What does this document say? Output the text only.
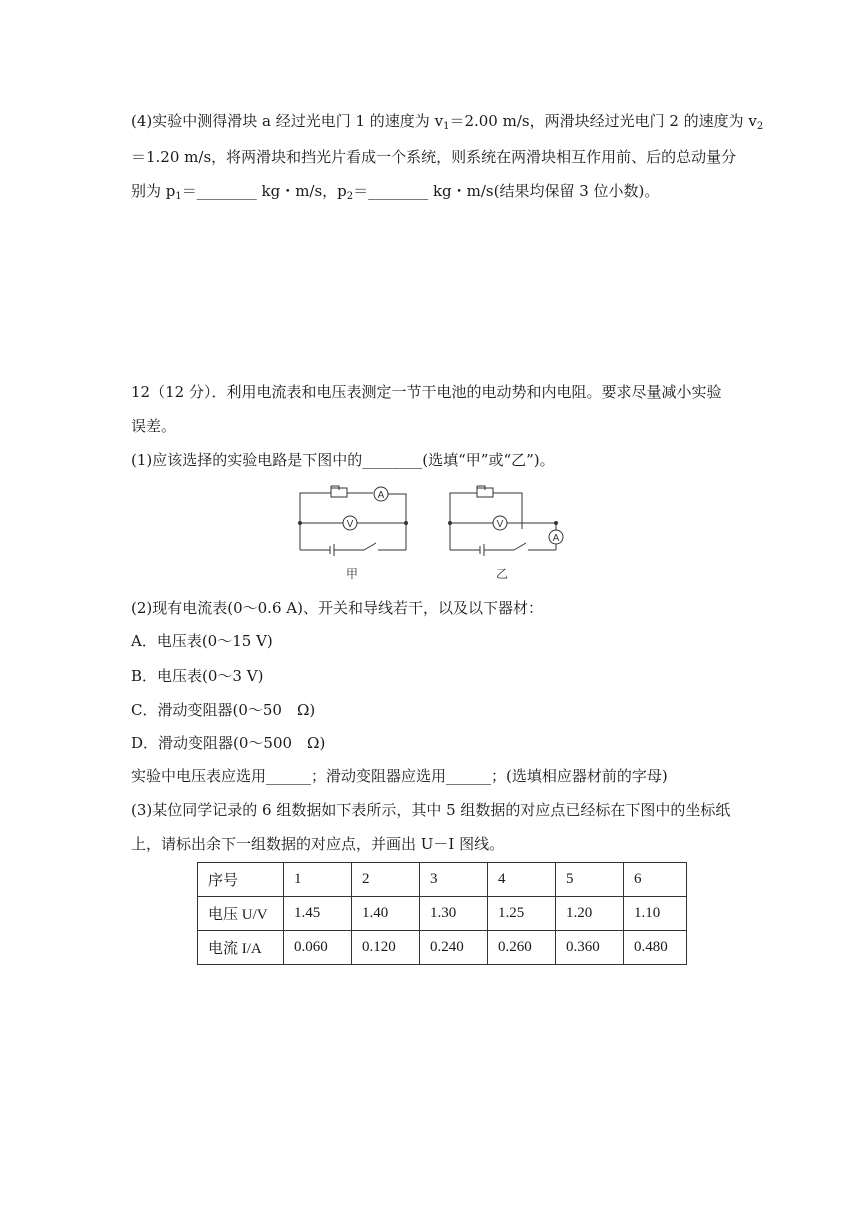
(4)实验中测得滑块 a 经过光电门 1 的速度为 $v_1=2.00$ m/s，两滑块经过光电门 2 的速度为 $v_2$
＝1.20 m/s，将两滑块和挡光片看成一个系统，则系统在两滑块相互作用前、后的总动量分
别为 $p_1=\_\_\_\_\_\_\_\_$ kg・m/s，$p_2=\_\_\_\_\_\_\_\_$ kg・m/s(结果均保留 3 位小数)。
12（12 分）．利用电流表和电压表测定一节干电池的电动势和内电阻。要求尽量减小实验
误差。
(1)应该选择的实验电路是下图中的________(选填“甲”或“乙”)。
A
V
甲
V
A
乙
(2)现有电流表(0～0.6 A)、开关和导线若干，以及以下器材：
A．电压表(0～15 V)
B．电压表(0～3 V)
C．滑动变阻器(0～50　Ω)
D．滑动变阻器(0～500　Ω)
实验中电压表应选用______；滑动变阻器应选用______；(选填相应器材前的字母)
(3)某位同学记录的 6 组数据如下表所示，其中 5 组数据的对应点已经标在下图中的坐标纸
上，请标出余下一组数据的对应点，并画出 U－I 图线。
序号	1	2	3	4	5	6
电压 U/V	1.45	1.40	1.30	1.25	1.20	1.10
电流 I/A	0.060	0.120	0.240	0.260	0.360	0.480
